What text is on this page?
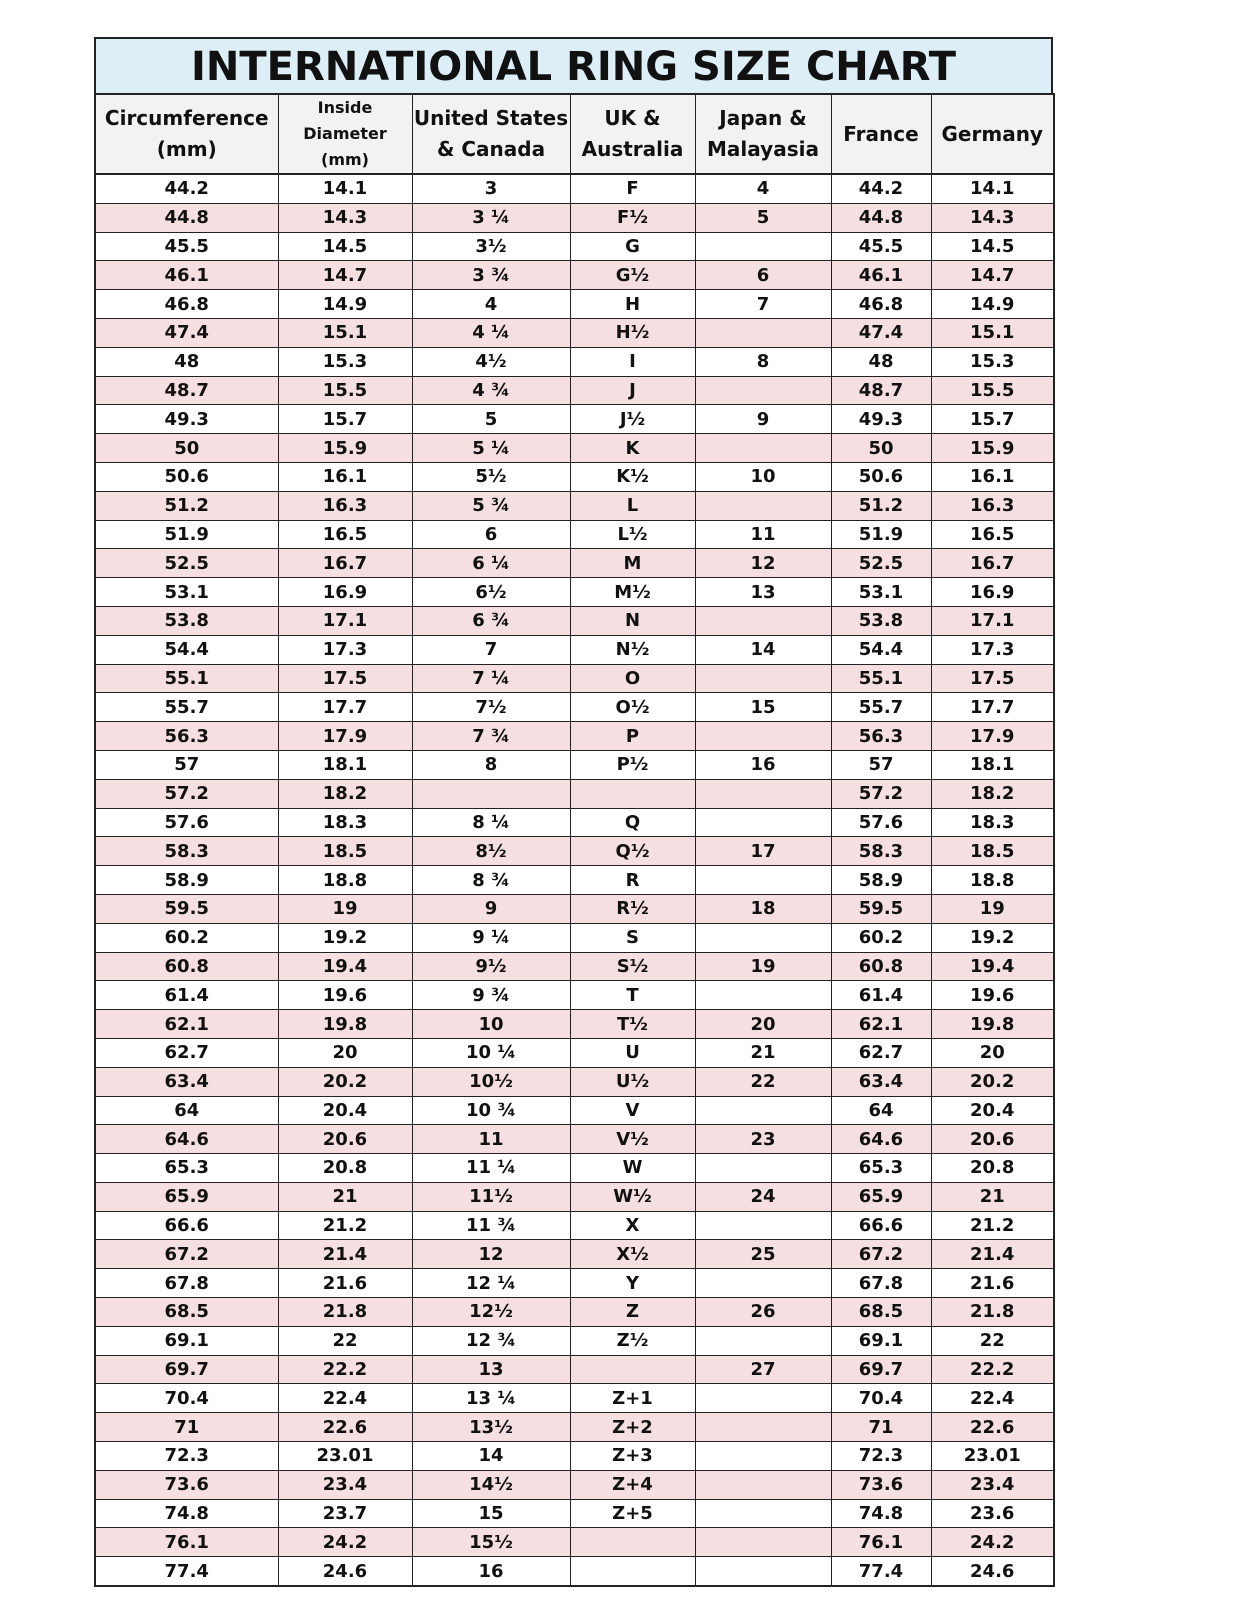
INTERNATIONAL RING SIZE CHART
Circumference (mm)	Inside Diameter (mm)	United States & Canada	UK & Australia	Japan & Malayasia	France	Germany
44.2	14.1	3	F	4	44.2	14.1
44.8	14.3	3 ¼	F½	5	44.8	14.3
45.5	14.5	3½	G		45.5	14.5
46.1	14.7	3 ¾	G½	6	46.1	14.7
46.8	14.9	4	H	7	46.8	14.9
47.4	15.1	4 ¼	H½		47.4	15.1
48	15.3	4½	I	8	48	15.3
48.7	15.5	4 ¾	J		48.7	15.5
49.3	15.7	5	J½	9	49.3	15.7
50	15.9	5 ¼	K		50	15.9
50.6	16.1	5½	K½	10	50.6	16.1
51.2	16.3	5 ¾	L		51.2	16.3
51.9	16.5	6	L½	11	51.9	16.5
52.5	16.7	6 ¼	M	12	52.5	16.7
53.1	16.9	6½	M½	13	53.1	16.9
53.8	17.1	6 ¾	N		53.8	17.1
54.4	17.3	7	N½	14	54.4	17.3
55.1	17.5	7 ¼	O		55.1	17.5
55.7	17.7	7½	O½	15	55.7	17.7
56.3	17.9	7 ¾	P		56.3	17.9
57	18.1	8	P½	16	57	18.1
57.2	18.2				57.2	18.2
57.6	18.3	8 ¼	Q		57.6	18.3
58.3	18.5	8½	Q½	17	58.3	18.5
58.9	18.8	8 ¾	R		58.9	18.8
59.5	19	9	R½	18	59.5	19
60.2	19.2	9 ¼	S		60.2	19.2
60.8	19.4	9½	S½	19	60.8	19.4
61.4	19.6	9 ¾	T		61.4	19.6
62.1	19.8	10	T½	20	62.1	19.8
62.7	20	10 ¼	U	21	62.7	20
63.4	20.2	10½	U½	22	63.4	20.2
64	20.4	10 ¾	V		64	20.4
64.6	20.6	11	V½	23	64.6	20.6
65.3	20.8	11 ¼	W		65.3	20.8
65.9	21	11½	W½	24	65.9	21
66.6	21.2	11 ¾	X		66.6	21.2
67.2	21.4	12	X½	25	67.2	21.4
67.8	21.6	12 ¼	Y		67.8	21.6
68.5	21.8	12½	Z	26	68.5	21.8
69.1	22	12 ¾	Z½		69.1	22
69.7	22.2	13		27	69.7	22.2
70.4	22.4	13 ¼	Z+1		70.4	22.4
71	22.6	13½	Z+2		71	22.6
72.3	23.01	14	Z+3		72.3	23.01
73.6	23.4	14½	Z+4		73.6	23.4
74.8	23.7	15	Z+5		74.8	23.6
76.1	24.2	15½			76.1	24.2
77.4	24.6	16			77.4	24.6
